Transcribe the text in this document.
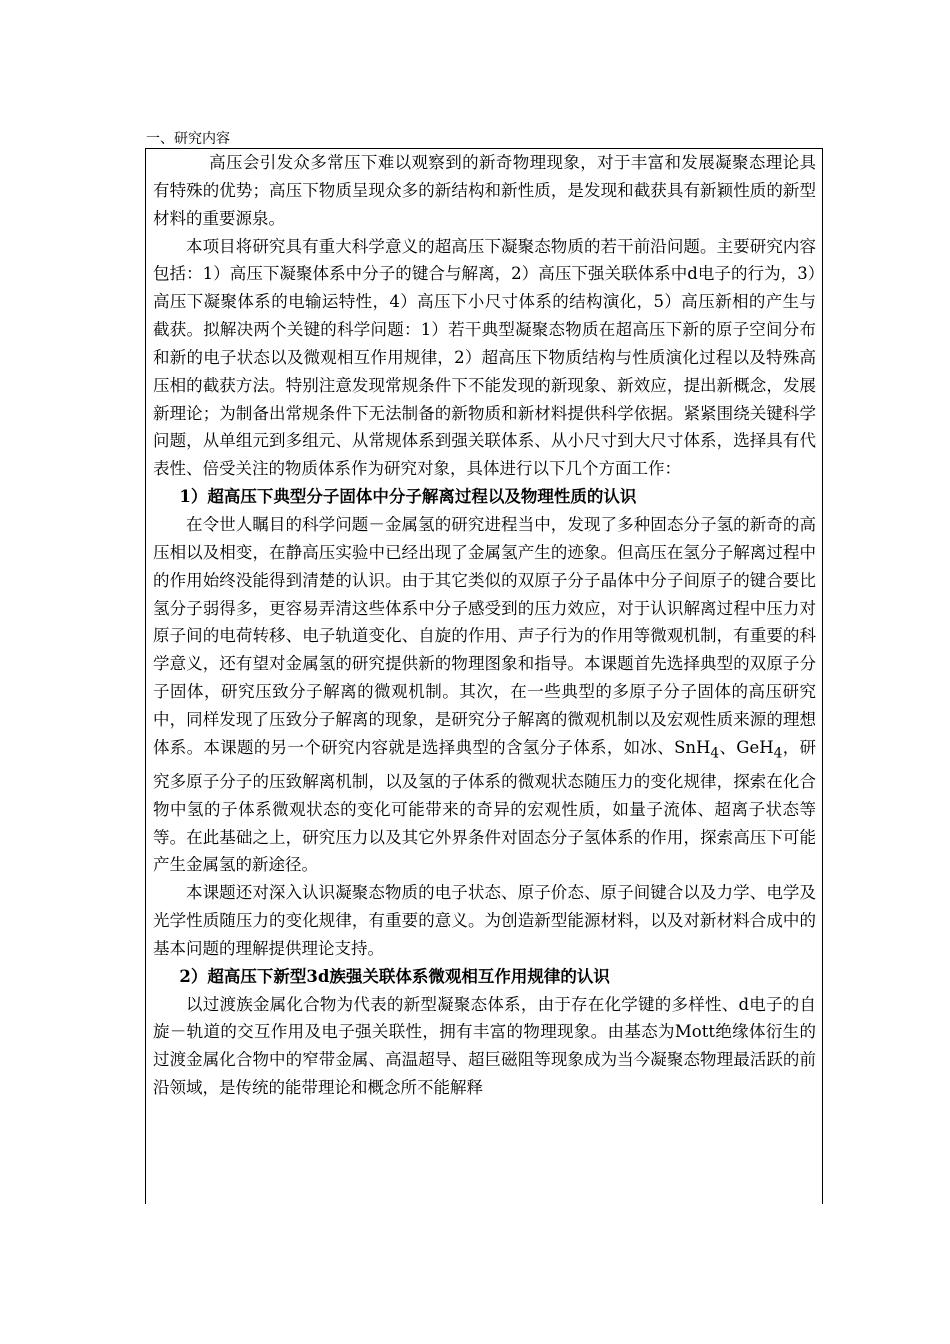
一、研究内容

高压会引发众多常压下难以观察到的新奇物理现象，对于丰富和发展凝聚态理论具有特殊的优势；高压下物质呈现众多的新结构和新性质，是发现和截获具有新颖性质的新型材料的重要源泉。

本项目将研究具有重大科学意义的超高压下凝聚态物质的若干前沿问题。主要研究内容包括：1）高压下凝聚体系中分子的键合与解离，2）高压下强关联体系中d电子的行为，3）高压下凝聚体系的电输运特性，4）高压下小尺寸体系的结构演化，5）高压新相的产生与截获。拟解决两个关键的科学问题：1）若干典型凝聚态物质在超高压下新的原子空间分布和新的电子状态以及微观相互作用规律，2）超高压下物质结构与性质演化过程以及特殊高压相的截获方法。特别注意发现常规条件下不能发现的新现象、新效应，提出新概念，发展新理论；为制备出常规条件下无法制备的新物质和新材料提供科学依据。紧紧围绕关键科学问题，从单组元到多组元、从常规体系到强关联体系、从小尺寸到大尺寸体系，选择具有代表性、倍受关注的物质体系作为研究对象，具体进行以下几个方面工作：

1）超高压下典型分子固体中分子解离过程以及物理性质的认识

在令世人瞩目的科学问题－金属氢的研究进程当中，发现了多种固态分子氢的新奇的高压相以及相变，在静高压实验中已经出现了金属氢产生的迹象。但高压在氢分子解离过程中的作用始终没能得到清楚的认识。由于其它类似的双原子分子晶体中分子间原子的键合要比氢分子弱得多，更容易弄清这些体系中分子感受到的压力效应，对于认识解离过程中压力对原子间的电荷转移、电子轨道变化、自旋的作用、声子行为的作用等微观机制，有重要的科学意义，还有望对金属氢的研究提供新的物理图象和指导。本课题首先选择典型的双原子分子固体，研究压致分子解离的微观机制。其次，在一些典型的多原子分子固体的高压研究中，同样发现了压致分子解离的现象，是研究分子解离的微观机制以及宏观性质来源的理想体系。本课题的另一个研究内容就是选择典型的含氢分子体系，如冰、SnH$_4$、GeH$_4$，研究多原子分子的压致解离机制，以及氢的子体系的微观状态随压力的变化规律，探索在化合物中氢的子体系微观状态的变化可能带来的奇异的宏观性质，如量子流体、超离子状态等等。在此基础之上，研究压力以及其它外界条件对固态分子氢体系的作用，探索高压下可能产生金属氢的新途径。

本课题还对深入认识凝聚态物质的电子状态、原子价态、原子间键合以及力学、电学及光学性质随压力的变化规律，有重要的意义。为创造新型能源材料，以及对新材料合成中的基本问题的理解提供理论支持。

2）超高压下新型3d族强关联体系微观相互作用规律的认识

以过渡族金属化合物为代表的新型凝聚态体系，由于存在化学键的多样性、d电子的自旋－轨道的交互作用及电子强关联性，拥有丰富的物理现象。由基态为Mott绝缘体衍生的过渡金属化合物中的窄带金属、高温超导、超巨磁阻等现象成为当今凝聚态物理最活跃的前沿领域，是传统的能带理论和概念所不能解释
